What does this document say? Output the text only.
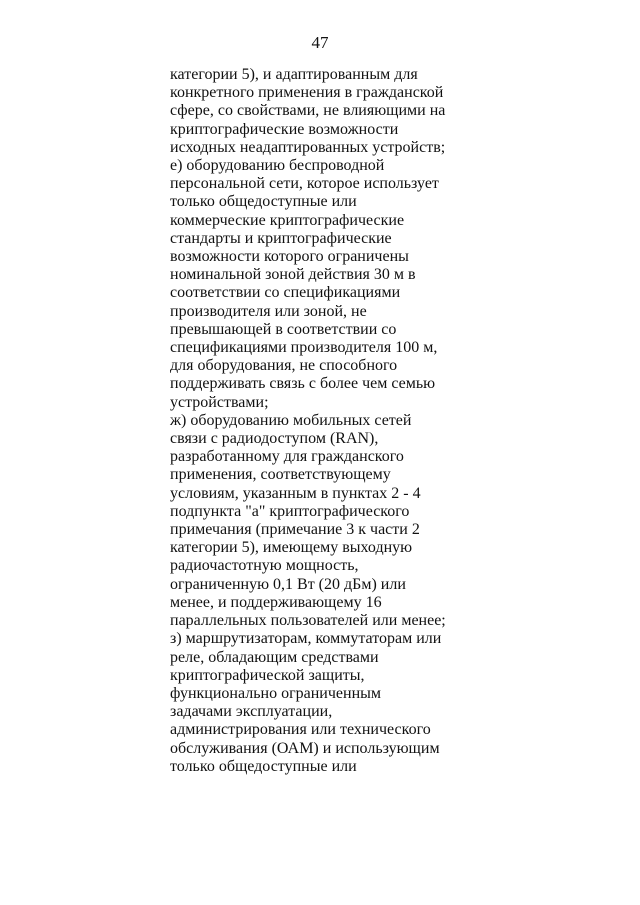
47
категории 5), и адаптированным для
конкретного применения в гражданской
сфере, со свойствами, не влияющими на
криптографические возможности
исходных неадаптированных устройств;
е) оборудованию беспроводной
персональной сети, которое использует
только общедоступные или
коммерческие криптографические
стандарты и криптографические
возможности которого ограничены
номинальной зоной действия 30 м в
соответствии со спецификациями
производителя или зоной, не
превышающей в соответствии со
спецификациями производителя 100 м,
для оборудования, не способного
поддерживать связь с более чем семью
устройствами;
ж) оборудованию мобильных сетей
связи с радиодоступом (RAN),
разработанному для гражданского
применения, соответствующему
условиям, указанным в пунктах 2 - 4
подпункта "а" криптографического
примечания (примечание 3 к части 2
категории 5), имеющему выходную
радиочастотную мощность,
ограниченную 0,1 Вт (20 дБм) или
менее, и поддерживающему 16
параллельных пользователей или менее;
з) маршрутизаторам, коммутаторам или
реле, обладающим средствами
криптографической защиты,
функционально ограниченным
задачами эксплуатации,
администрирования или технического
обслуживания (ОАМ) и использующим
только общедоступные или
